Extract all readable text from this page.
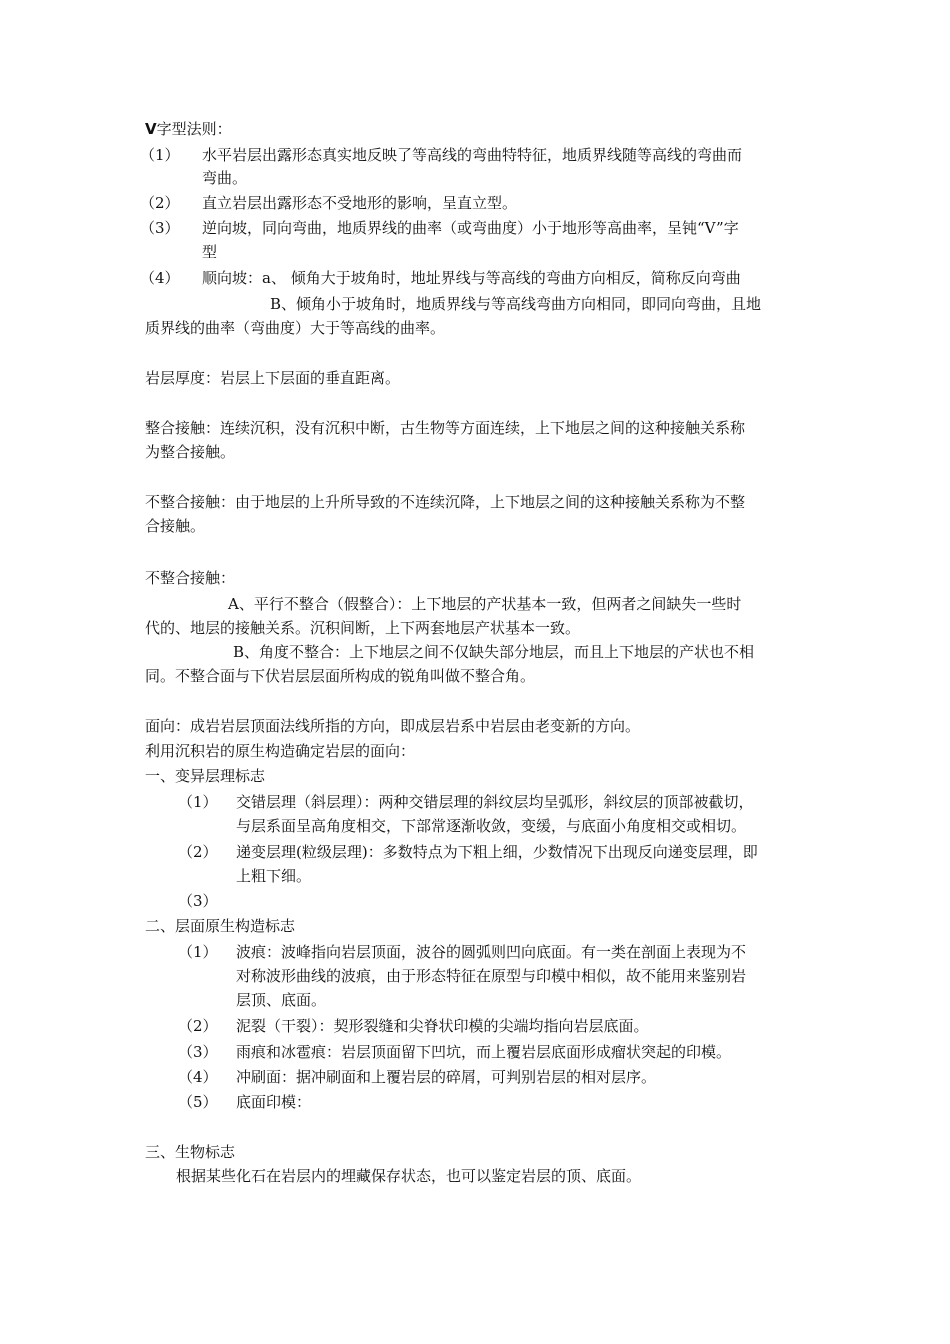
V字型法则：
（1） 水平岩层出露形态真实地反映了等高线的弯曲特特征，地质界线随等高线的弯曲而
弯曲。
（2） 直立岩层出露形态不受地形的影响，呈直立型。
（3） 逆向坡，同向弯曲，地质界线的曲率（或弯曲度）小于地形等高曲率，呈钝“V”字
型
（4） 顺向坡：a、 倾角大于坡角时，地址界线与等高线的弯曲方向相反，简称反向弯曲
B、倾角小于坡角时，地质界线与等高线弯曲方向相同，即同向弯曲，且地
质界线的曲率（弯曲度）大于等高线的曲率。
岩层厚度：岩层上下层面的垂直距离。
整合接触：连续沉积，没有沉积中断，古生物等方面连续，上下地层之间的这种接触关系称
为整合接触。
不整合接触：由于地层的上升所导致的不连续沉降，上下地层之间的这种接触关系称为不整
合接触。
不整合接触：
A、平行不整合（假整合）：上下地层的产状基本一致，但两者之间缺失一些时
代的、地层的接触关系。沉积间断，上下两套地层产状基本一致。
B、角度不整合：上下地层之间不仅缺失部分地层，而且上下地层的产状也不相
同。不整合面与下伏岩层层面所构成的锐角叫做不整合角。
面向：成岩岩层顶面法线所指的方向，即成层岩系中岩层由老变新的方向。
利用沉积岩的原生构造确定岩层的面向：
一、变异层理标志
（1） 交错层理（斜层理）：两种交错层理的斜纹层均呈弧形，斜纹层的顶部被截切，
与层系面呈高角度相交，下部常逐渐收敛，变缓，与底面小角度相交或相切。
（2） 递变层理(粒级层理)：多数特点为下粗上细，少数情况下出现反向递变层理，即
上粗下细。
（3）
二、层面原生构造标志
（1） 波痕：波峰指向岩层顶面，波谷的圆弧则凹向底面。有一类在剖面上表现为不
对称波形曲线的波痕，由于形态特征在原型与印模中相似，故不能用来鉴别岩
层顶、底面。
（2） 泥裂（干裂）：契形裂缝和尖脊状印模的尖端均指向岩层底面。
（3） 雨痕和冰雹痕：岩层顶面留下凹坑，而上覆岩层底面形成瘤状突起的印模。
（4） 冲刷面：据冲刷面和上覆岩层的碎屑，可判别岩层的相对层序。
（5） 底面印模：
三、生物标志
根据某些化石在岩层内的埋藏保存状态，也可以鉴定岩层的顶、底面。
